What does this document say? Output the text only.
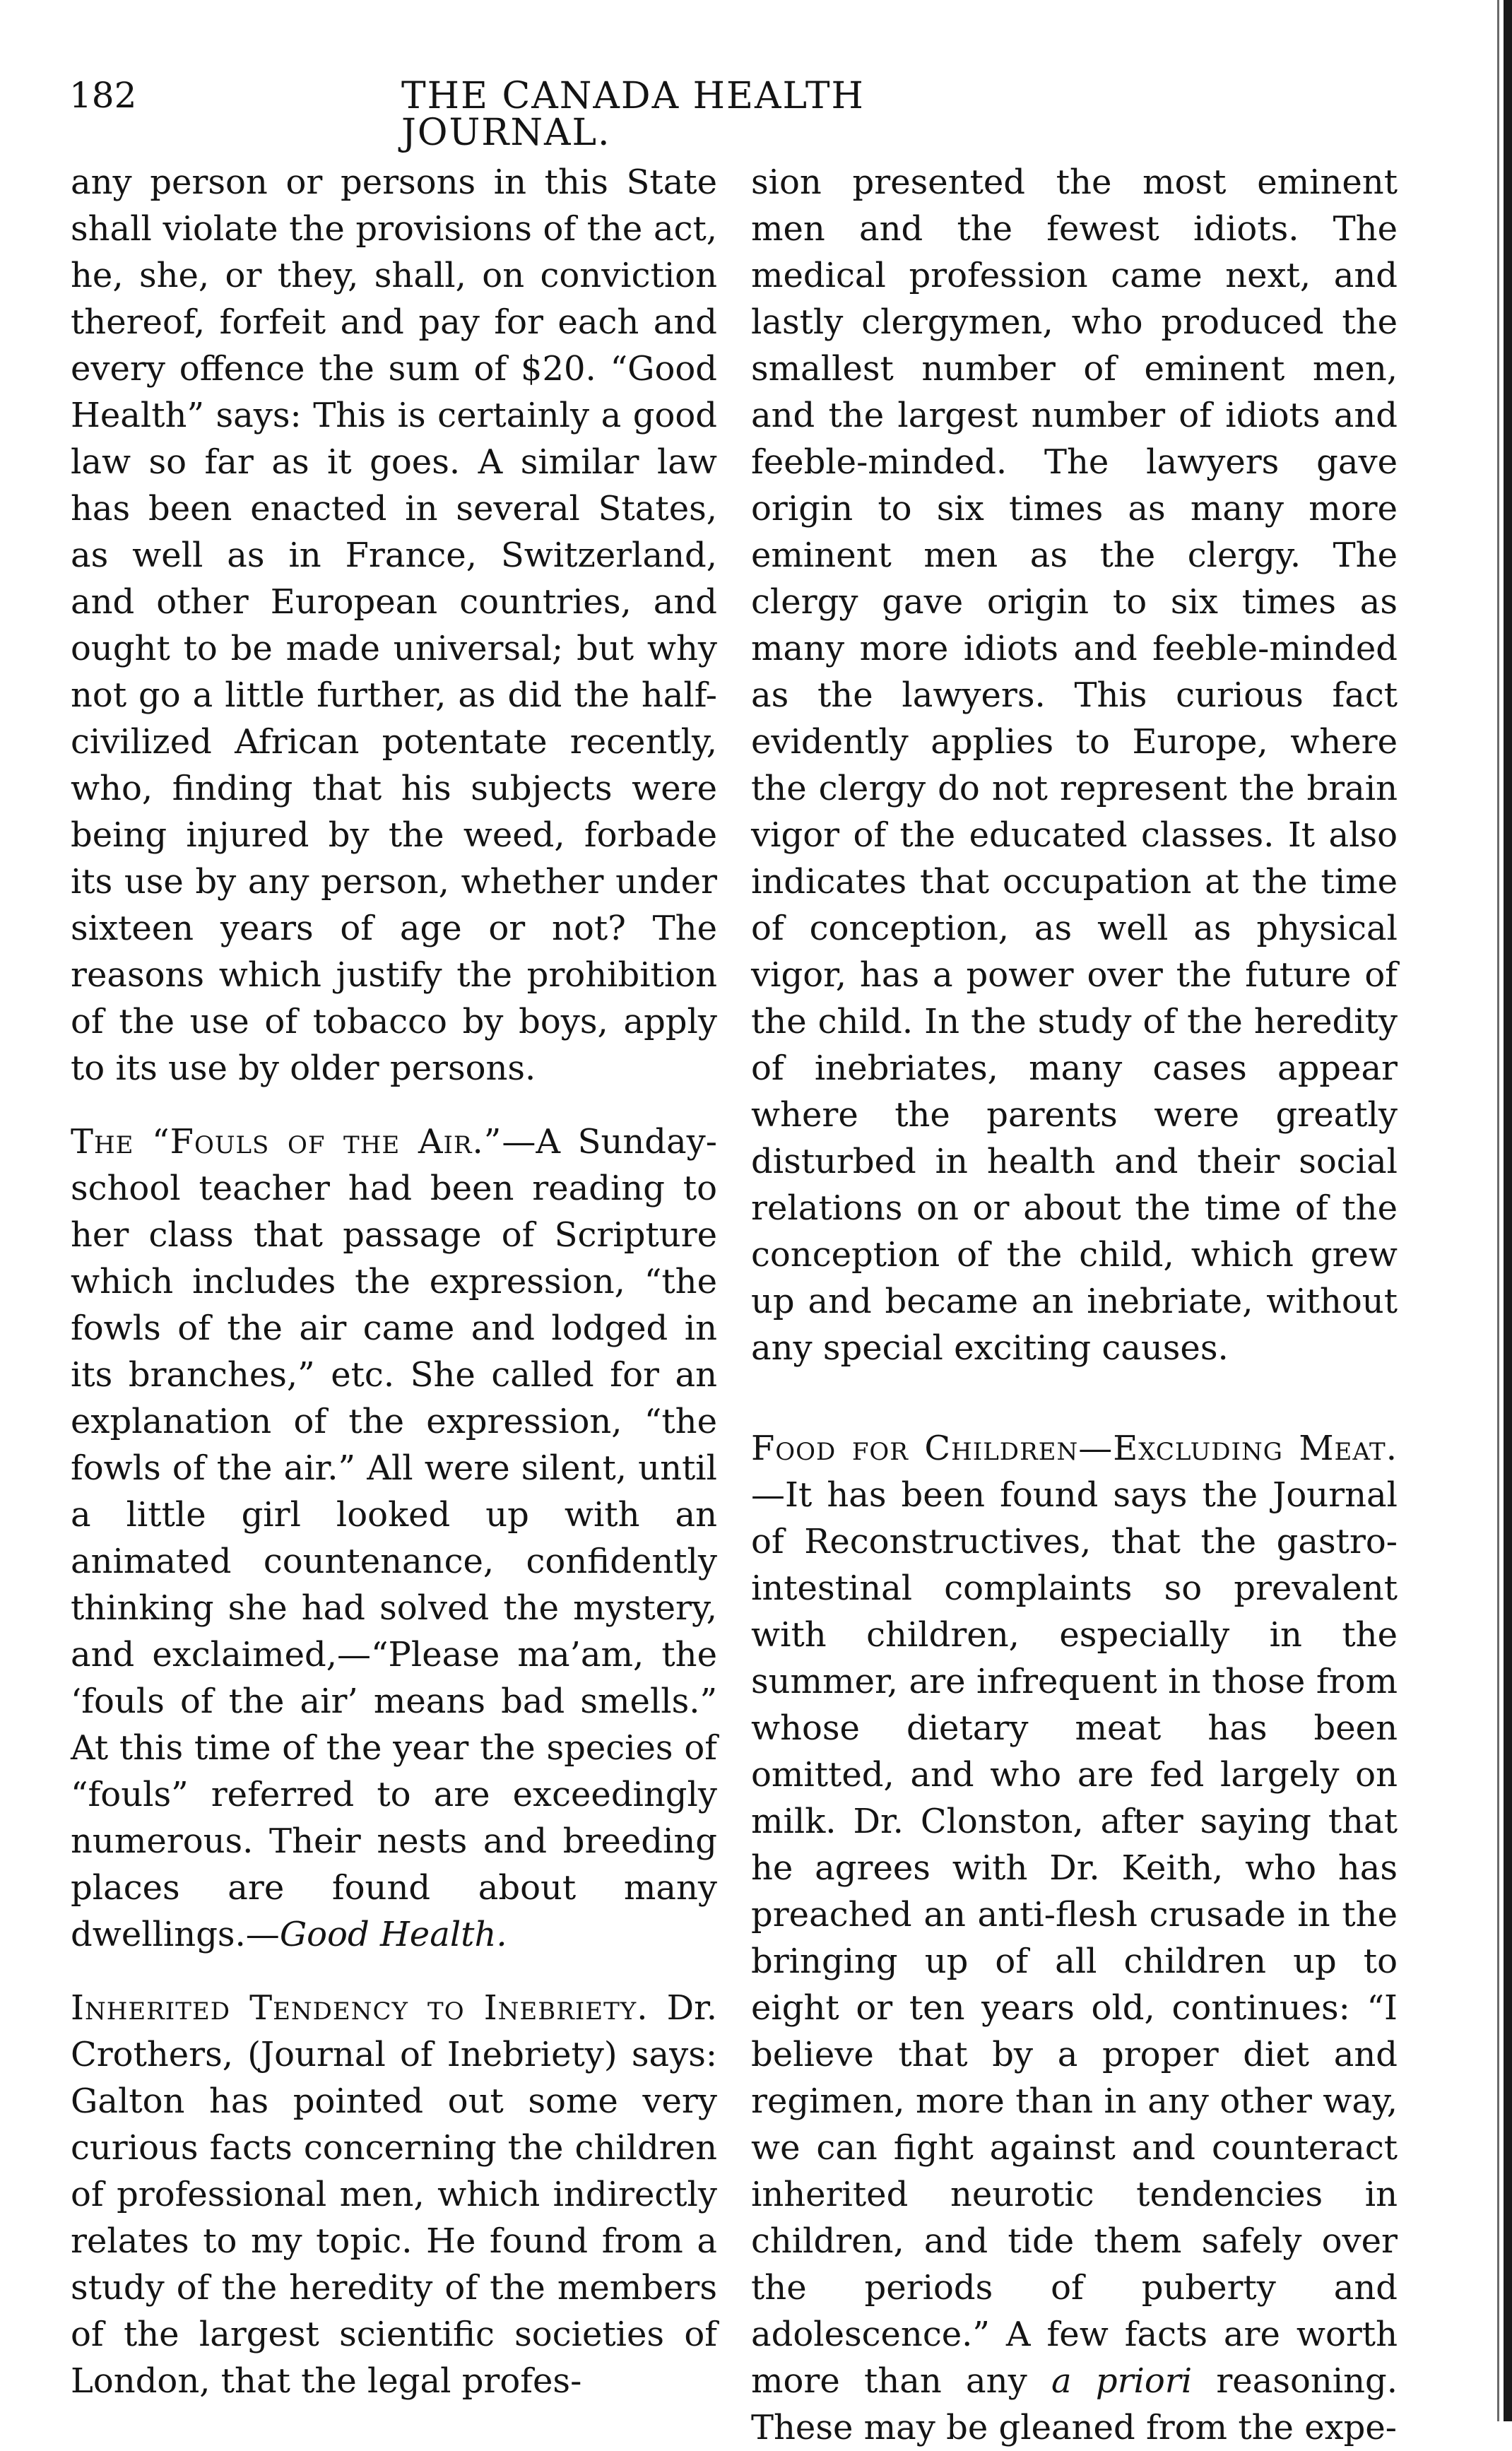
182	THE CANADA HEALTH JOURNAL.

any person or persons in this State shall violate the provisions of the act, he, she, or they, shall, on conviction thereof, forfeit and pay for each and every offence the sum of $20. “Good Health” says: This is certainly a good law so far as it goes. A similar law has been enacted in several States, as well as in France, Switzerland, and other European countries, and ought to be made universal; but why not go a little further, as did the half-civilized African potentate recently, who, finding that his subjects were being injured by the weed, forbade its use by any person, whether under sixteen years of age or not? The reasons which justify the prohibition of the use of tobacco by boys, apply to its use by older persons.

The “Fouls of the Air.”—A Sunday-school teacher had been reading to her class that passage of Scripture which includes the expression, “the fowls of the air came and lodged in its branches,” etc. She called for an explanation of the expression, “the fowls of the air.” All were silent, until a little girl looked up with an animated countenance, confidently thinking she had solved the mystery, and exclaimed,—“Please ma’am, the ‘fouls of the air’ means bad smells.” At this time of the year the species of “fouls” referred to are exceedingly numerous. Their nests and breeding places are found about many dwellings.—Good Health.

Inherited Tendency to Inebriety. Dr. Crothers, (Journal of Inebriety) says: Galton has pointed out some very curious facts concerning the children of professional men, which indirectly relates to my topic. He found from a study of the heredity of the members of the largest scientific societies of London, that the legal profes-

sion presented the most eminent men and the fewest idiots. The medical profession came next, and lastly clergymen, who produced the smallest number of eminent men, and the largest number of idiots and feeble-minded. The lawyers gave origin to six times as many more eminent men as the clergy. The clergy gave origin to six times as many more idiots and feeble-minded as the lawyers. This curious fact evidently applies to Europe, where the clergy do not represent the brain vigor of the educated classes. It also indicates that occupation at the time of conception, as well as physical vigor, has a power over the future of the child. In the study of the heredity of inebriates, many cases appear where the parents were greatly disturbed in health and their social relations on or about the time of the conception of the child, which grew up and became an inebriate, without any special exciting causes.

Food for Children—Excluding Meat.—It has been found says the Journal of Reconstructives, that the gastro-intestinal complaints so prevalent with children, especially in the summer, are infrequent in those from whose dietary meat has been omitted, and who are fed largely on milk. Dr. Clonston, after saying that he agrees with Dr. Keith, who has preached an anti-flesh crusade in the bringing up of all children up to eight or ten years old, continues: “I believe that by a proper diet and regimen, more than in any other way, we can fight against and counteract inherited neurotic tendencies in children, and tide them safely over the periods of puberty and adolescence.” A few facts are worth more than any a priori reasoning. These may be gleaned from the expe-
